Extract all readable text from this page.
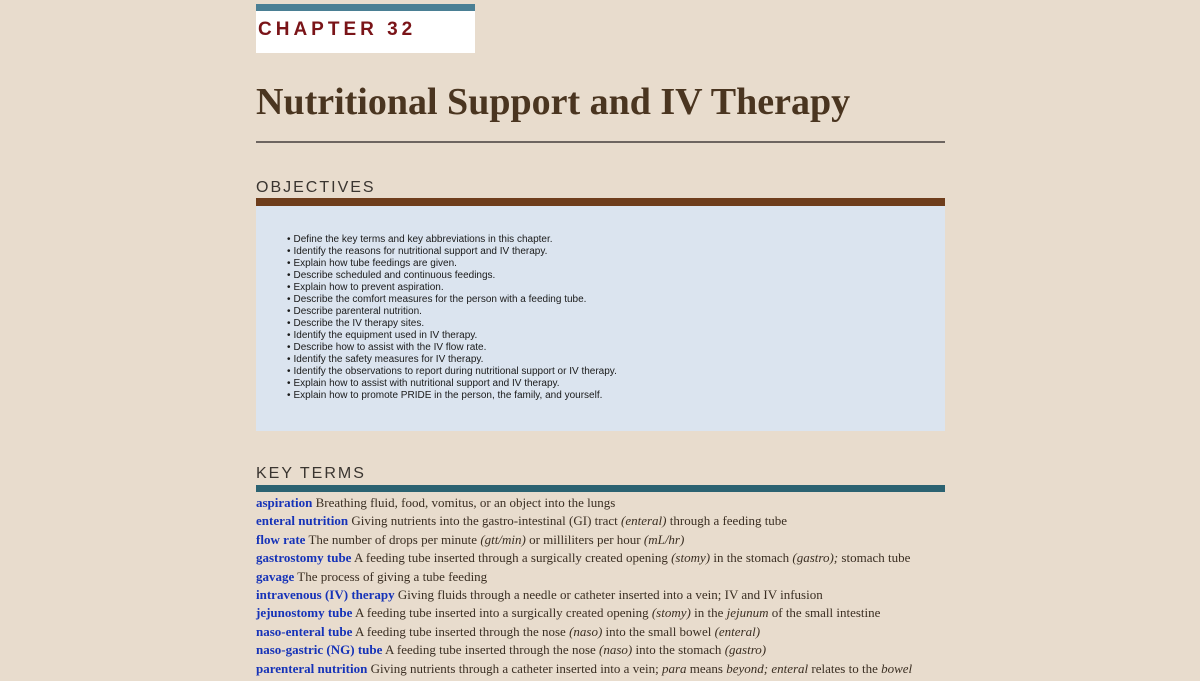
CHAPTER 32
Nutritional Support and IV Therapy
OBJECTIVES
• Define the key terms and key abbreviations in this chapter.
• Identify the reasons for nutritional support and IV therapy.
• Explain how tube feedings are given.
• Describe scheduled and continuous feedings.
• Explain how to prevent aspiration.
• Describe the comfort measures for the person with a feeding tube.
• Describe parenteral nutrition.
• Describe the IV therapy sites.
• Identify the equipment used in IV therapy.
• Describe how to assist with the IV flow rate.
• Identify the safety measures for IV therapy.
• Identify the observations to report during nutritional support or IV therapy.
• Explain how to assist with nutritional support and IV therapy.
• Explain how to promote PRIDE in the person, the family, and yourself.
KEY TERMS
aspiration Breathing fluid, food, vomitus, or an object into the lungs
enteral nutrition Giving nutrients into the gastro-intestinal (GI) tract (enteral) through a feeding tube
flow rate The number of drops per minute (gtt/min) or milliliters per hour (mL/hr)
gastrostomy tube A feeding tube inserted through a surgically created opening (stomy) in the stomach (gastro); stomach tube
gavage The process of giving a tube feeding
intravenous (IV) therapy Giving fluids through a needle or catheter inserted into a vein; IV and IV infusion
jejunostomy tube A feeding tube inserted into a surgically created opening (stomy) in the jejunum of the small intestine
naso-enteral tube A feeding tube inserted through the nose (naso) into the small bowel (enteral)
naso-gastric (NG) tube A feeding tube inserted through the nose (naso) into the stomach (gastro)
parenteral nutrition Giving nutrients through a catheter inserted into a vein; para means beyond; enteral relates to the bowel
